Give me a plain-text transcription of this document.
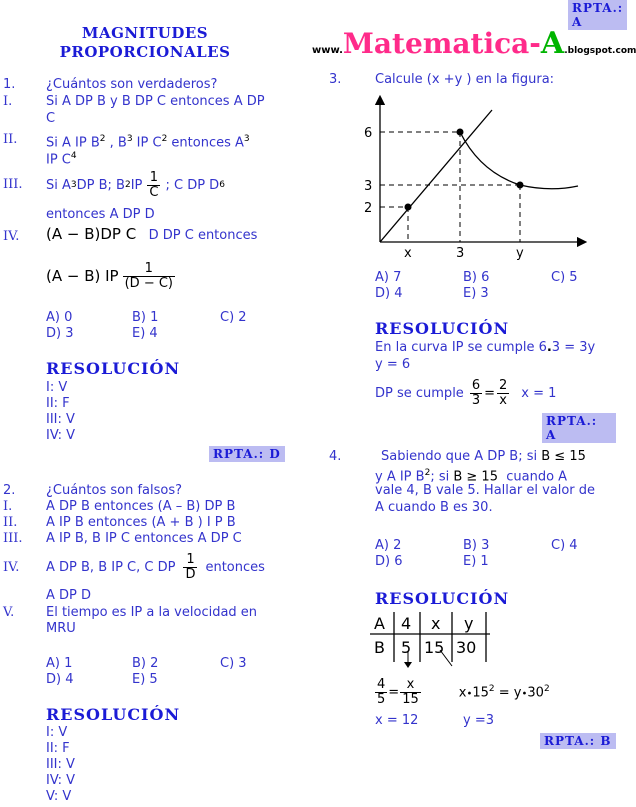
RPTA.: A
www.Matematica-A.blogspot.com
MAGNITUDES
PROPORCIONALES
1. ¿Cuántos son verdaderos?
I.	Si A DP B y B DP C entonces A DP
C
II. Si A IP $B^2$ , $B^3$ IP $C^2$ entonces $A^3$
IP $C^4$
III. Si A 3 DP B; B 2 IP $\frac{1}{C}$ ; C DP D 6
entonces A DP D
IV. (A − B)DP C D DP C entonces
(A − B) IP $\frac{1}{(D - C)}$
A) 0	B) 1	C) 2
D) 3	E) 4
RESOLUCIÓN
I: V
II: F
III: V
IV: V
RPTA.: D
2. ¿Cuántos son falsos?
I.	A DP B entonces (A – B) DP B
II. A IP B entonces (A + B ) I P B
III. A IP B, B IP C entonces A DP C
IV. A DP B, B IP C, C DP $\frac{1}{D}$ entonces
A DP D
V. El tiempo es IP a la velocidad en
MRU
A) 1	B) 2	C) 3
D) 4	E) 5
RESOLUCIÓN
I: V
II: F
III: V
IV: V
V: V
3.	Calcule (x +y ) en la figura:
6
3
2
x	3	y
A) 7	B) 6	C) 5
D) 4	E) 3
RESOLUCIÓN
En la curva IP se cumple 6.3 = 3y
y = 6
DP se cumple $\frac{6}{3} = \frac{2}{x}$ x = 1
RPTA.: A
4.	Sabiendo que A DP B; si B ≤ 15
y A IP $B^2$; si B ≥ 15 cuando A
vale 4, B vale 5. Hallar el valor de
A cuando B es 30.
A) 2	B) 3	C) 4
D) 6	E) 1
RESOLUCIÓN
A 4 x y
B 5 15 30
$\frac{4}{5} = \frac{x}{15}$	$x•15^2$ = $y•30^2$
x = 12	y =3
RPTA.: B
